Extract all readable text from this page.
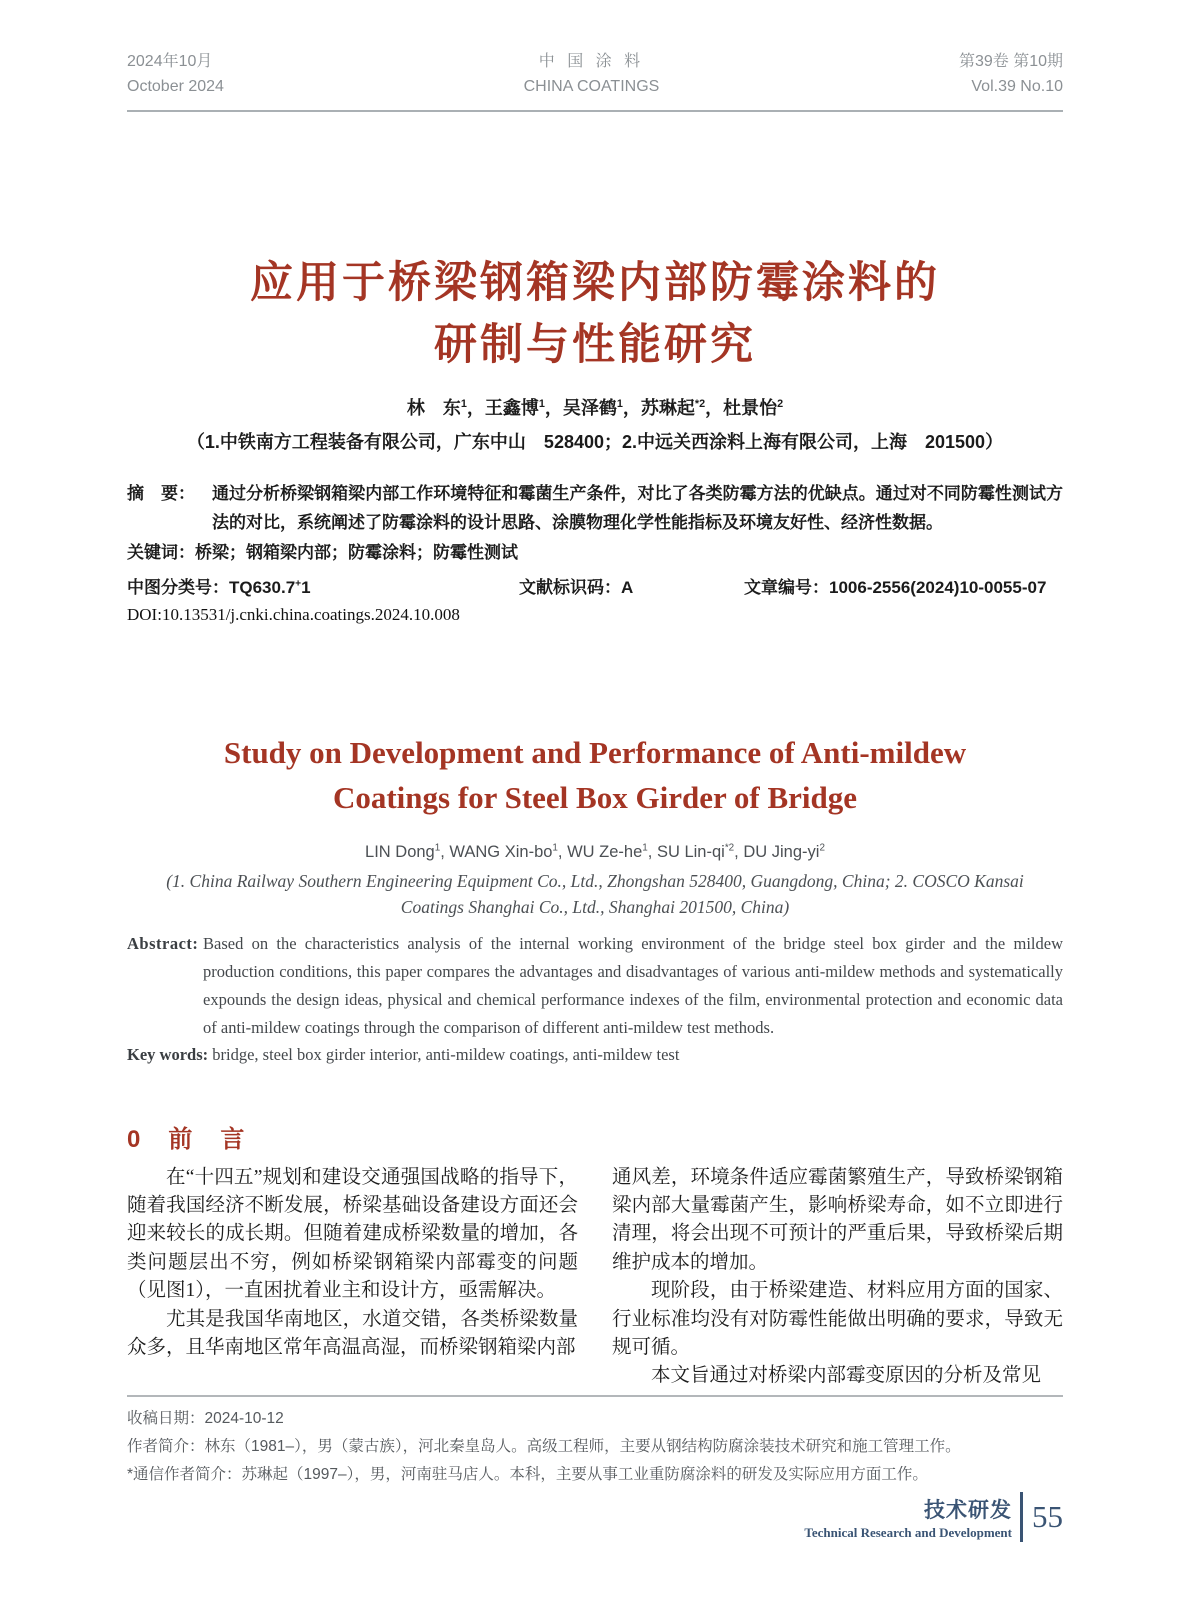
2024年10月
October 2024
中 国 涂 料
CHINA COATINGS
第39卷 第10期
Vol.39 No.10
应用于桥梁钢箱梁内部防霉涂料的
研制与性能研究
林　东$^1$，王鑫博$^1$，吴泽鹤$^1$，苏琳起$^{*2}$，杜景怡$^2$
（1.中铁南方工程装备有限公司，广东中山　528400；2.中远关西涂料上海有限公司，上海　201500）
摘　要： 通过分析桥梁钢箱梁内部工作环境特征和霉菌生产条件，对比了各类防霉方法的优缺点。通过对不同防霉性测试方法的对比，系统阐述了防霉涂料的设计思路、涂膜物理化学性能指标及环境友好性、经济性数据。
关键词：桥梁；钢箱梁内部；防霉涂料；防霉性测试
中图分类号：TQ630.7+1	文献标识码：A	文章编号：1006-2556(2024)10-0055-07
DOI:10.13531/j.cnki.china.coatings.2024.10.008
Study on Development and Performance of Anti-mildew
Coatings for Steel Box Girder of Bridge
LIN Dong$^1$, WANG Xin-$bo^1$, WU $Ze-he^1$, SU Lin-$qi^{*2}$, DU Jing-$yi^2$
(1. China Railway Southern Engineering Equipment Co., Ltd., Zhongshan 528400, Guangdong, China; 2. COSCO Kansai
Coatings Shanghai Co., Ltd., Shanghai 201500, China)
Abstract: Based on the characteristics analysis of the internal working environment of the bridge steel box girder and the mildew production conditions, this paper compares the advantages and disadvantages of various anti-mildew methods and systematically expounds the design ideas, physical and chemical performance indexes of the film, environmental protection and economic data of anti-mildew coatings through the comparison of different anti-mildew test methods.
Key words: bridge, steel box girder interior, anti-mildew coatings, anti-mildew test
0 前 言

在“十四五”规划和建设交通强国战略的指导下，随着我国经济不断发展，桥梁基础设备建设方面还会迎来较长的成长期。但随着建成桥梁数量的增加，各类问题层出不穷，例如桥梁钢箱梁内部霉变的问题（见图1），一直困扰着业主和设计方，亟需解决。

尤其是我国华南地区，水道交错，各类桥梁数量众多，且华南地区常年高温高湿，而桥梁钢箱梁内部

通风差，环境条件适应霉菌繁殖生产，导致桥梁钢箱梁内部大量霉菌产生，影响桥梁寿命，如不立即进行清理，将会出现不可预计的严重后果，导致桥梁后期维护成本的增加。

现阶段，由于桥梁建造、材料应用方面的国家、行业标准均没有对防霉性能做出明确的要求，导致无规可循。

本文旨通过对桥梁内部霉变原因的分析及常见

收稿日期：2024-10-12

作者简介：林东（1981–），男（蒙古族），河北秦皇岛人。高级工程师，主要从钢结构防腐涂装技术研究和施工管理工作。

*通信作者简介：苏琳起（1997–），男，河南驻马店人。本科，主要从事工业重防腐涂料的研发及实际应用方面工作。

技术研发
Technical Research and Development 55
